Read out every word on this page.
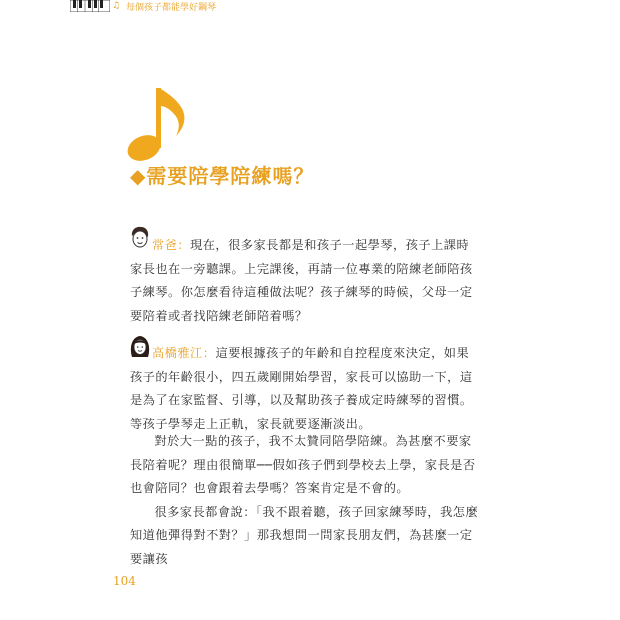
♫ 每個孩子都能學好鋼琴
◆需要陪學陪練嗎？

常爸：現在，很多家長都是和孩子一起學琴，孩子上課時家長也在一旁聽課。上完課後，再請一位專業的陪練老師陪孩子練琴。你怎麼看待這種做法呢？孩子練琴的時候，父母一定要陪着或者找陪練老師陪着嗎？

高橋雅江：這要根據孩子的年齡和自控程度來決定，如果孩子的年齡很小，四五歲剛開始學習，家長可以協助一下，這是為了在家監督、引導，以及幫助孩子養成定時練琴的習慣。等孩子學琴走上正軌，家長就要逐漸淡出。

對於大一點的孩子，我不太贊同陪學陪練。為甚麼不要家長陪着呢？理由很簡單──假如孩子們到學校去上學，家長是否也會陪同？也會跟着去學嗎？答案肯定是不會的。

很多家長都會說：「我不跟着聽，孩子回家練琴時，我怎麼知道他彈得對不對？」那我想問一問家長朋友們，為甚麼一定要讓孩

104
